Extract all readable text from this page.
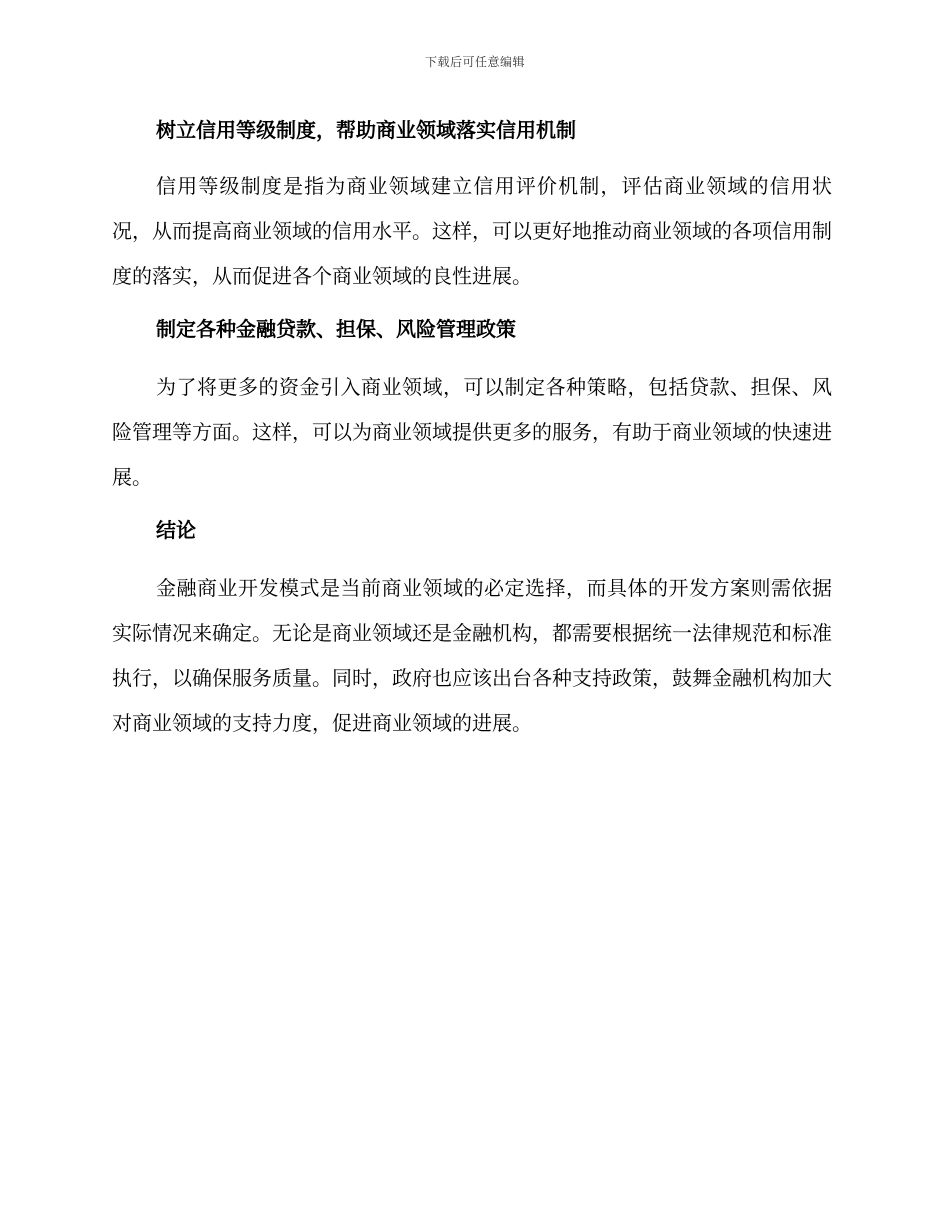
下载后可任意编辑
树立信用等级制度，帮助商业领域落实信用机制
信用等级制度是指为商业领域建立信用评价机制，评估商业领域的信用状况，从而提高商业领域的信用水平。这样，可以更好地推动商业领域的各项信用制度的落实，从而促进各个商业领域的良性进展。
制定各种金融贷款、担保、风险管理政策
为了将更多的资金引入商业领域，可以制定各种策略，包括贷款、担保、风险管理等方面。这样，可以为商业领域提供更多的服务，有助于商业领域的快速进展。
结论
金融商业开发模式是当前商业领域的必定选择，而具体的开发方案则需依据实际情况来确定。无论是商业领域还是金融机构，都需要根据统一法律规范和标准执行，以确保服务质量。同时，政府也应该出台各种支持政策，鼓舞金融机构加大对商业领域的支持力度，促进商业领域的进展。
